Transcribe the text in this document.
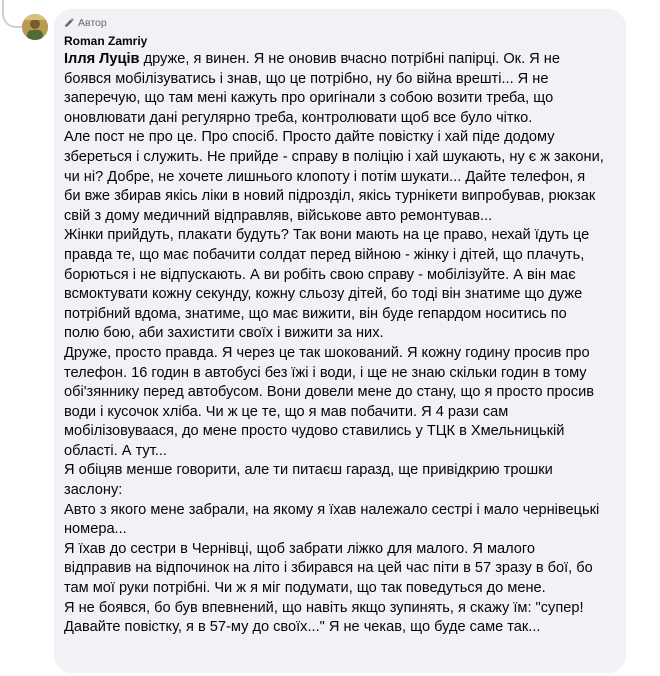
Автор
Roman Zamriy

Ілля Луців друже, я винен. Я не оновив вчасно потрібні папірці. Ок. Я не боявся мобілізуватись і знав, що це потрібно, ну бо війна врешті... Я не заперечую, що там мені кажуть про оригінали з собою возити треба, що оновлювати дані регулярно треба, контролювати щоб все було чітко.

Але пост не про це. Про спосіб. Просто дайте повістку і хай піде додому збереться і служить. Не прийде - справу в поліцію і хай шукають, ну є ж закони, чи ні? Добре, не хочете лишнього клопоту і потім шукати... Дайте телефон, я би вже збирав якісь ліки в новий підрозділ, якісь турнікети випробував, рюкзак свій з дому медичний відправляв, військове авто ремонтував...

Жінки прийдуть, плакати будуть? Так вони мають на це право, нехай їдуть це правда те, що має побачити солдат перед війною - жінку і дітей, що плачуть, борються і не відпускають. А ви робіть свою справу - мобілізуйте. А він має всмоктувати кожну секунду, кожну сльозу дітей, бо тоді він знатиме що дуже потрібний вдома, знатиме, що має вижити, він буде гепардом носитись по полю бою, аби захистити своїх і вижити за них.

Друже, просто правда. Я через це так шокований. Я кожну годину просив про телефон. 16 годин в автобусі без їжі і води, і ще не знаю скільки годин в тому обі'зяннику перед автобусом. Вони довели мене до стану, що я просто просив води і кусочок хліба. Чи ж це те, що я мав побачити. Я 4 рази сам мобілізовуваася, до мене просто чудово ставились у ТЦК в Хмельницькій області. А тут...

Я обіцяв менше говорити, але ти питаєш гаразд, ще привідкрию трошки заслону:

Авто з якого мене забрали, на якому я їхав належало сестрі і мало чернівецькі номера...

Я їхав до сестри в Чернівці, щоб забрати ліжко для малого. Я малого відправив на відпочинок на літо і збирався на цей час піти в 57 зразу в бої, бо там мої руки потрібні. Чи ж я міг подумати, що так поведуться до мене.

Я не боявся, бо був впевнений, що навіть якщо зупинять, я скажу їм: "супер! Давайте повістку, я в 57-му до своїх..." Я не чекав, що буде саме так...
